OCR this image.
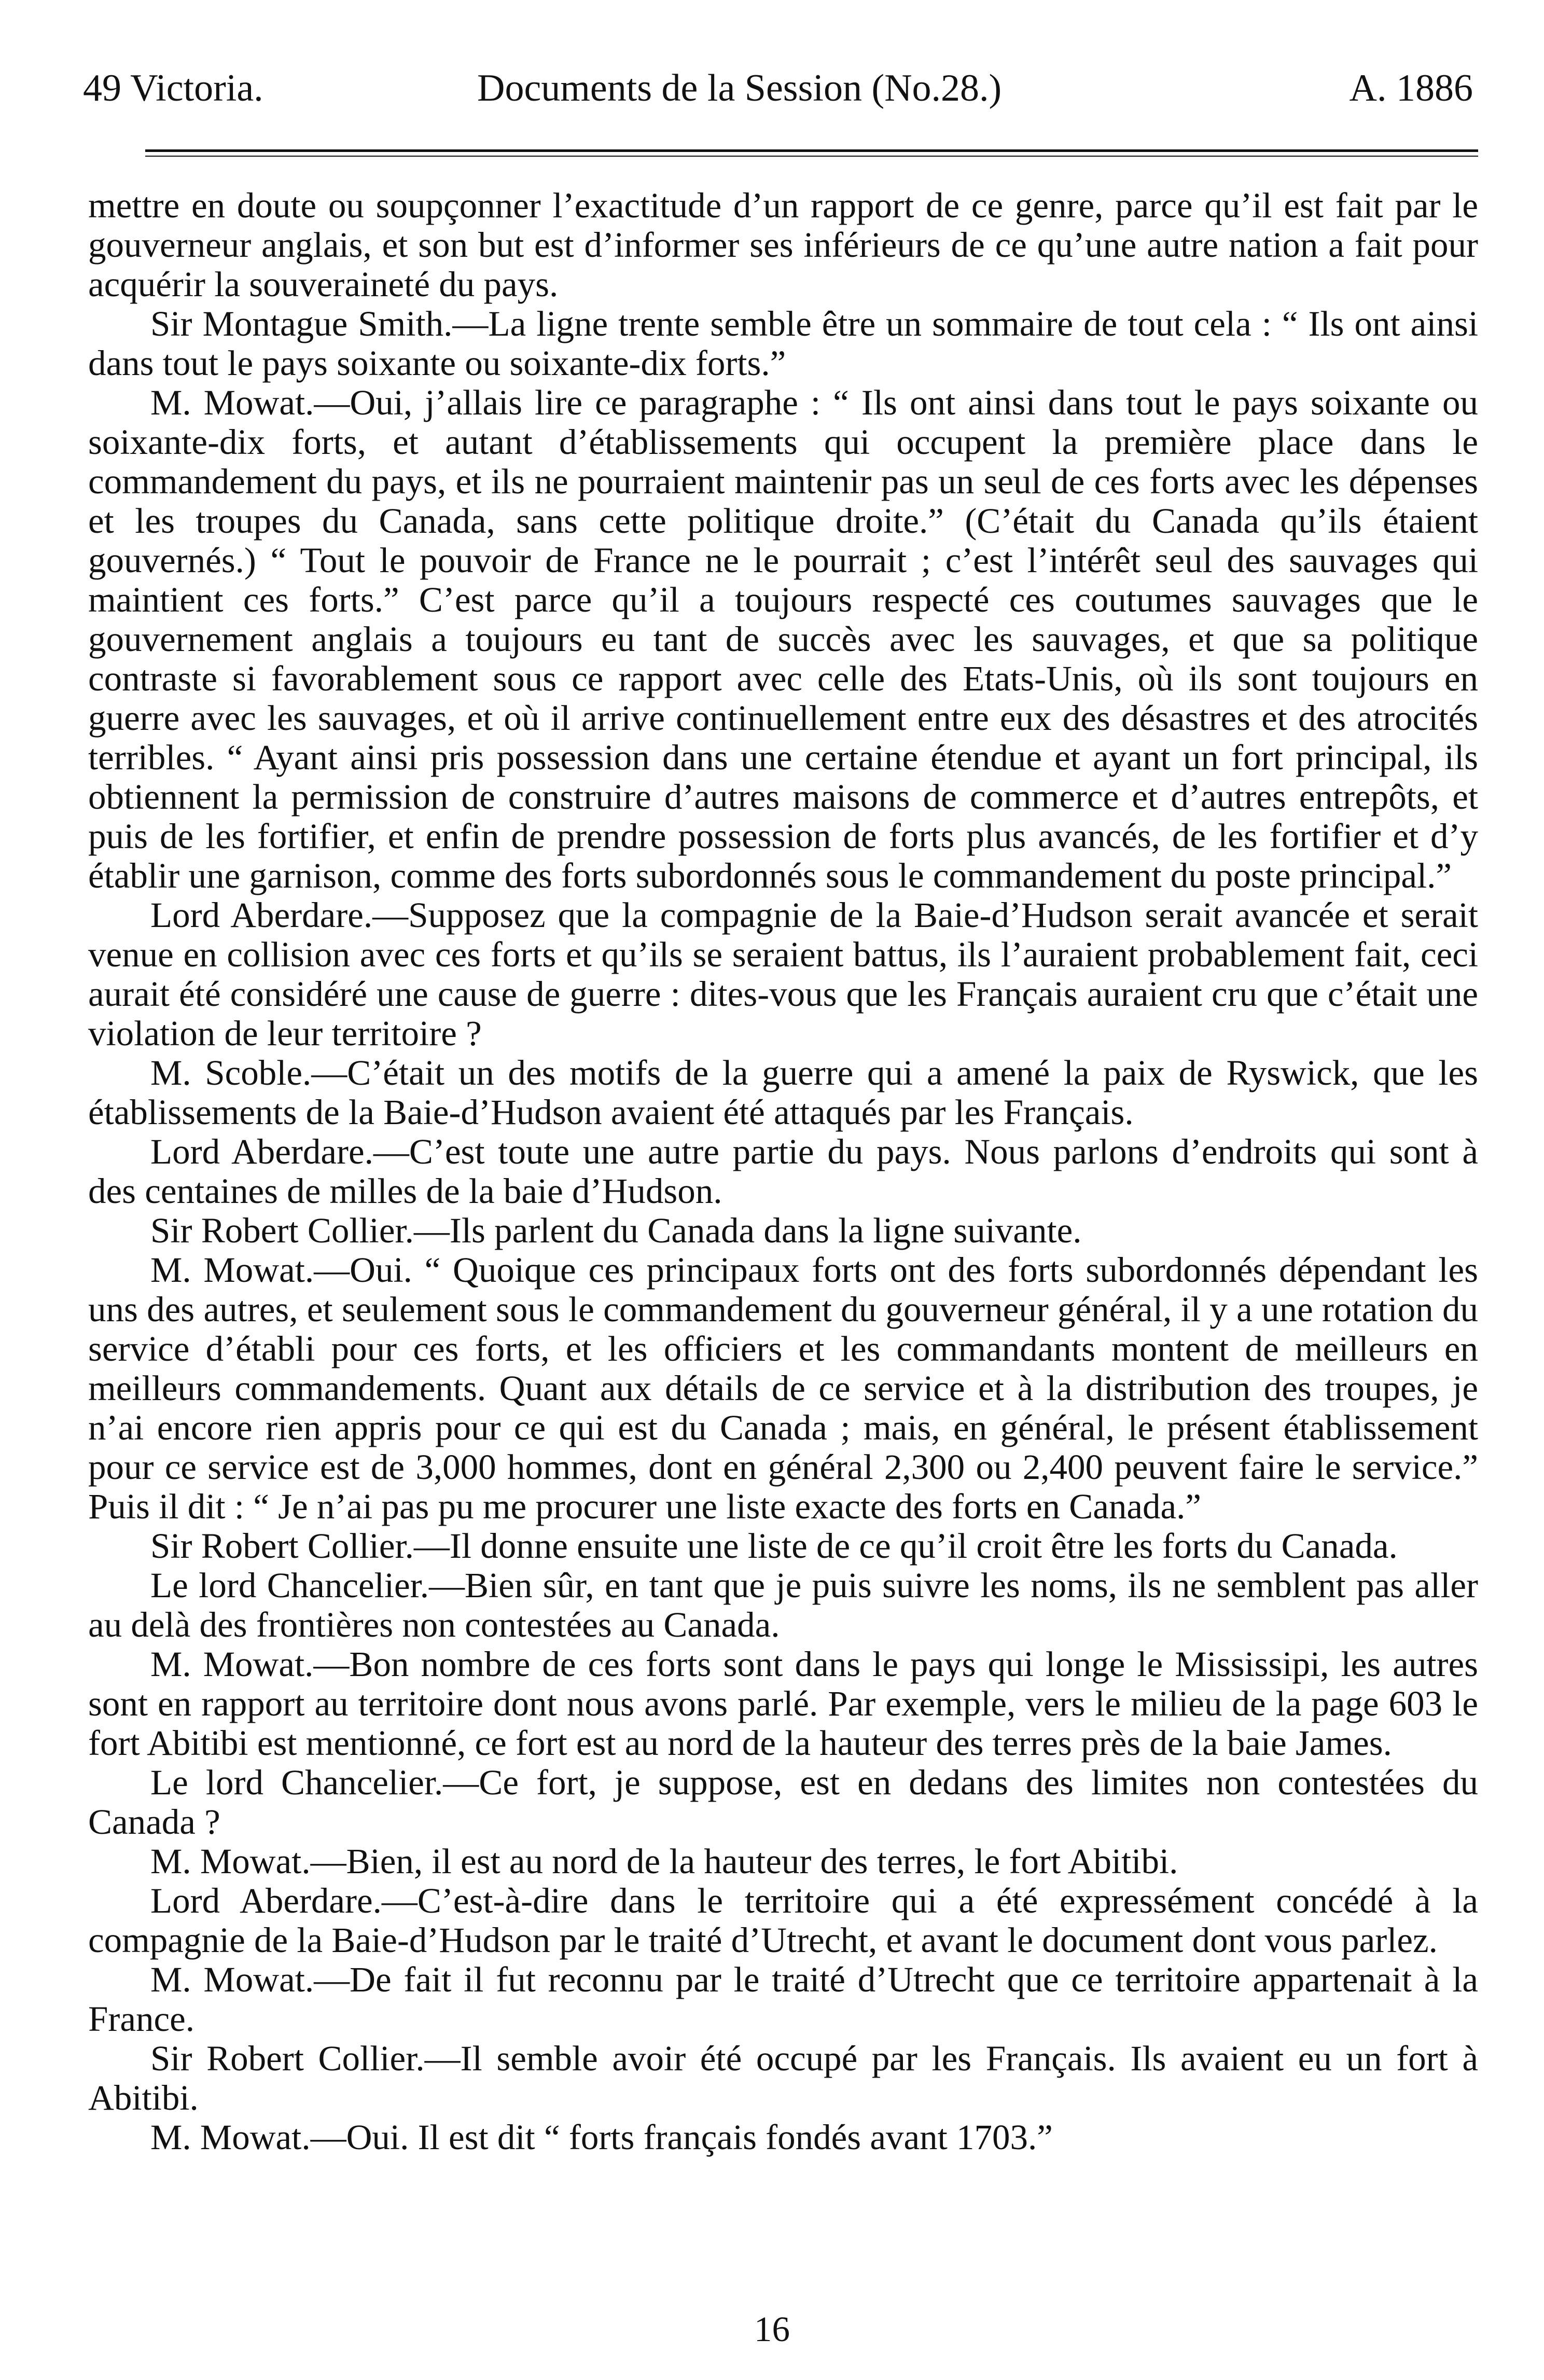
49 Victoria.	Documents de la Session (No.28.)	A. 1886

mettre en doute ou soupçonner l’exactitude d’un rapport de ce genre, parce qu’il est fait par le gouverneur anglais, et son but est d’informer ses inférieurs de ce qu’une autre nation a fait pour acquérir la souveraineté du pays.

Sir Montague Smith.—La ligne trente semble être un sommaire de tout cela : “ Ils ont ainsi dans tout le pays soixante ou soixante-dix forts.”

M. Mowat.—Oui, j’allais lire ce paragraphe : “ Ils ont ainsi dans tout le pays soixante ou soixante-dix forts, et autant d’établissements qui occupent la première place dans le commandement du pays, et ils ne pourraient maintenir pas un seul de ces forts avec les dépenses et les troupes du Canada, sans cette politique droite.” (C’était du Canada qu’ils étaient gouvernés.) “ Tout le pouvoir de France ne le pourrait ; c’est l’intérêt seul des sauvages qui maintient ces forts.” C’est parce qu’il a toujours respecté ces coutumes sauvages que le gouvernement anglais a toujours eu tant de succès avec les sauvages, et que sa politique contraste si favorablement sous ce rapport avec celle des Etats-Unis, où ils sont toujours en guerre avec les sauvages, et où il arrive continuellement entre eux des désastres et des atrocités terribles. “ Ayant ainsi pris possession dans une certaine étendue et ayant un fort principal, ils obtiennent la permission de construire d’autres maisons de commerce et d’autres entrepôts, et puis de les fortifier, et enfin de prendre possession de forts plus avancés, de les fortifier et d’y établir une garnison, comme des forts subordonnés sous le commandement du poste principal.”

Lord Aberdare.—Supposez que la compagnie de la Baie-d’Hudson serait avancée et serait venue en collision avec ces forts et qu’ils se seraient battus, ils l’auraient probablement fait, ceci aurait été considéré une cause de guerre : dites-vous que les Français auraient cru que c’était une violation de leur territoire ?

M. Scoble.—C’était un des motifs de la guerre qui a amené la paix de Ryswick, que les établissements de la Baie-d’Hudson avaient été attaqués par les Français.

Lord Aberdare.—C’est toute une autre partie du pays. Nous parlons d’endroits qui sont à des centaines de milles de la baie d’Hudson.

Sir Robert Collier.—Ils parlent du Canada dans la ligne suivante.

M. Mowat.—Oui. “ Quoique ces principaux forts ont des forts subordonnés dépendant les uns des autres, et seulement sous le commandement du gouverneur général, il y a une rotation du service d’établi pour ces forts, et les officiers et les commandants montent de meilleurs en meilleurs commandements. Quant aux détails de ce service et à la distribution des troupes, je n’ai encore rien appris pour ce qui est du Canada ; mais, en général, le présent établissement pour ce service est de 3,000 hommes, dont en général 2,300 ou 2,400 peuvent faire le service.” Puis il dit : “ Je n’ai pas pu me procurer une liste exacte des forts en Canada.”

Sir Robert Collier.—Il donne ensuite une liste de ce qu’il croit être les forts du Canada.

Le lord Chancelier.—Bien sûr, en tant que je puis suivre les noms, ils ne semblent pas aller au delà des frontières non contestées au Canada.

M. Mowat.—Bon nombre de ces forts sont dans le pays qui longe le Mississipi, les autres sont en rapport au territoire dont nous avons parlé. Par exemple, vers le milieu de la page 603 le fort Abitibi est mentionné, ce fort est au nord de la hauteur des terres près de la baie James.

Le lord Chancelier.—Ce fort, je suppose, est en dedans des limites non contestées du Canada ?

M. Mowat.—Bien, il est au nord de la hauteur des terres, le fort Abitibi.

Lord Aberdare.—C’est-à-dire dans le territoire qui a été expressément concédé à la compagnie de la Baie-d’Hudson par le traité d’Utrecht, et avant le document dont vous parlez.

M. Mowat.—De fait il fut reconnu par le traité d’Utrecht que ce territoire appartenait à la France.

Sir Robert Collier.—Il semble avoir été occupé par les Français. Ils avaient eu un fort à Abitibi.

M. Mowat.—Oui. Il est dit “ forts français fondés avant 1703.”

16
